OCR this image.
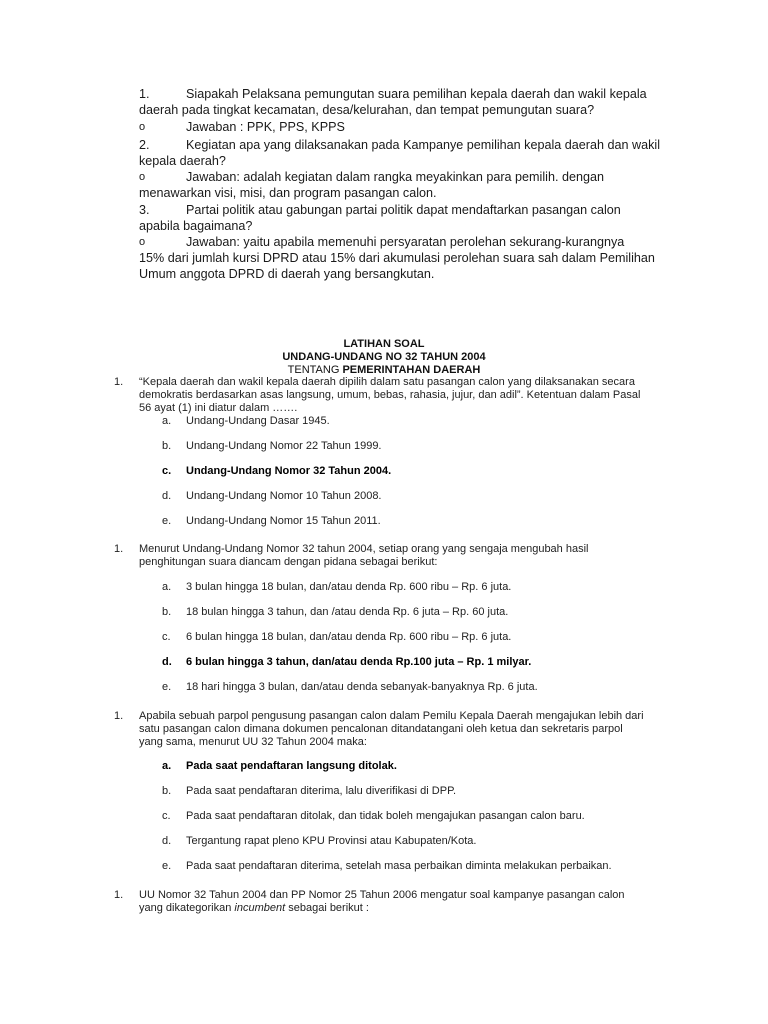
1.	Siapakah Pelaksana pemungutan suara pemilihan kepala daerah dan wakil kepala
daerah pada tingkat kecamatan, desa/kelurahan, dan tempat pemungutan suara?
o	Jawaban : PPK, PPS, KPPS
2.	Kegiatan apa yang dilaksanakan pada Kampanye pemilihan kepala daerah dan wakil
kepala daerah?
o	Jawaban: adalah kegiatan dalam rangka meyakinkan para pemilih. dengan
menawarkan visi, misi, dan program pasangan calon.
3.	Partai politik atau gabungan partai politik dapat mendaftarkan pasangan calon
apabila bagaimana?
o	Jawaban: yaitu apabila memenuhi persyaratan perolehan sekurang-kurangnya
15% dari jumlah kursi DPRD atau 15% dari akumulasi perolehan suara sah dalam Pemilihan
Umum anggota DPRD di daerah yang bersangkutan.
LATIHAN SOAL
UNDANG-UNDANG NO 32 TAHUN 2004
TENTANG PEMERINTAHAN DAERAH
1.	“Kepala daerah dan wakil kepala daerah dipilih dalam satu pasangan calon yang dilaksanakan secara
demokratis berdasarkan asas langsung, umum, bebas, rahasia, jujur, dan adil”. Ketentuan dalam Pasal
56 ayat (1) ini diatur dalam …….
a. Undang-Undang Dasar 1945.
b. Undang-Undang Nomor 22 Tahun 1999.
c. Undang-Undang Nomor 32 Tahun 2004.
d. Undang-Undang Nomor 10 Tahun 2008.
e. Undang-Undang Nomor 15 Tahun 2011.
1.	Menurut Undang-Undang Nomor 32 tahun 2004, setiap orang yang sengaja mengubah hasil
penghitungan suara diancam dengan pidana sebagai berikut:
a. 3 bulan hingga 18 bulan, dan/atau denda Rp. 600 ribu – Rp. 6 juta.
b. 18 bulan hingga 3 tahun, dan /atau denda Rp. 6 juta – Rp. 60 juta.
c. 6 bulan hingga 18 bulan, dan/atau denda Rp. 600 ribu – Rp. 6 juta.
d. 6 bulan hingga 3 tahun, dan/atau denda Rp.100 juta – Rp. 1 milyar.
e. 18 hari hingga 3 bulan, dan/atau denda sebanyak-banyaknya Rp. 6 juta.
1.	Apabila sebuah parpol pengusung pasangan calon dalam Pemilu Kepala Daerah mengajukan lebih dari
satu pasangan calon dimana dokumen pencalonan ditandatangani oleh ketua dan sekretaris parpol
yang sama, menurut UU 32 Tahun 2004 maka:
a. Pada saat pendaftaran langsung ditolak.
b. Pada saat pendaftaran diterima, lalu diverifikasi di DPP.
c. Pada saat pendaftaran ditolak, dan tidak boleh mengajukan pasangan calon baru.
d. Tergantung rapat pleno KPU Provinsi atau Kabupaten/Kota.
e. Pada saat pendaftaran diterima, setelah masa perbaikan diminta melakukan perbaikan.
1.	UU Nomor 32 Tahun 2004 dan PP Nomor 25 Tahun 2006 mengatur soal kampanye pasangan calon
yang dikategorikan incumbent sebagai berikut :
